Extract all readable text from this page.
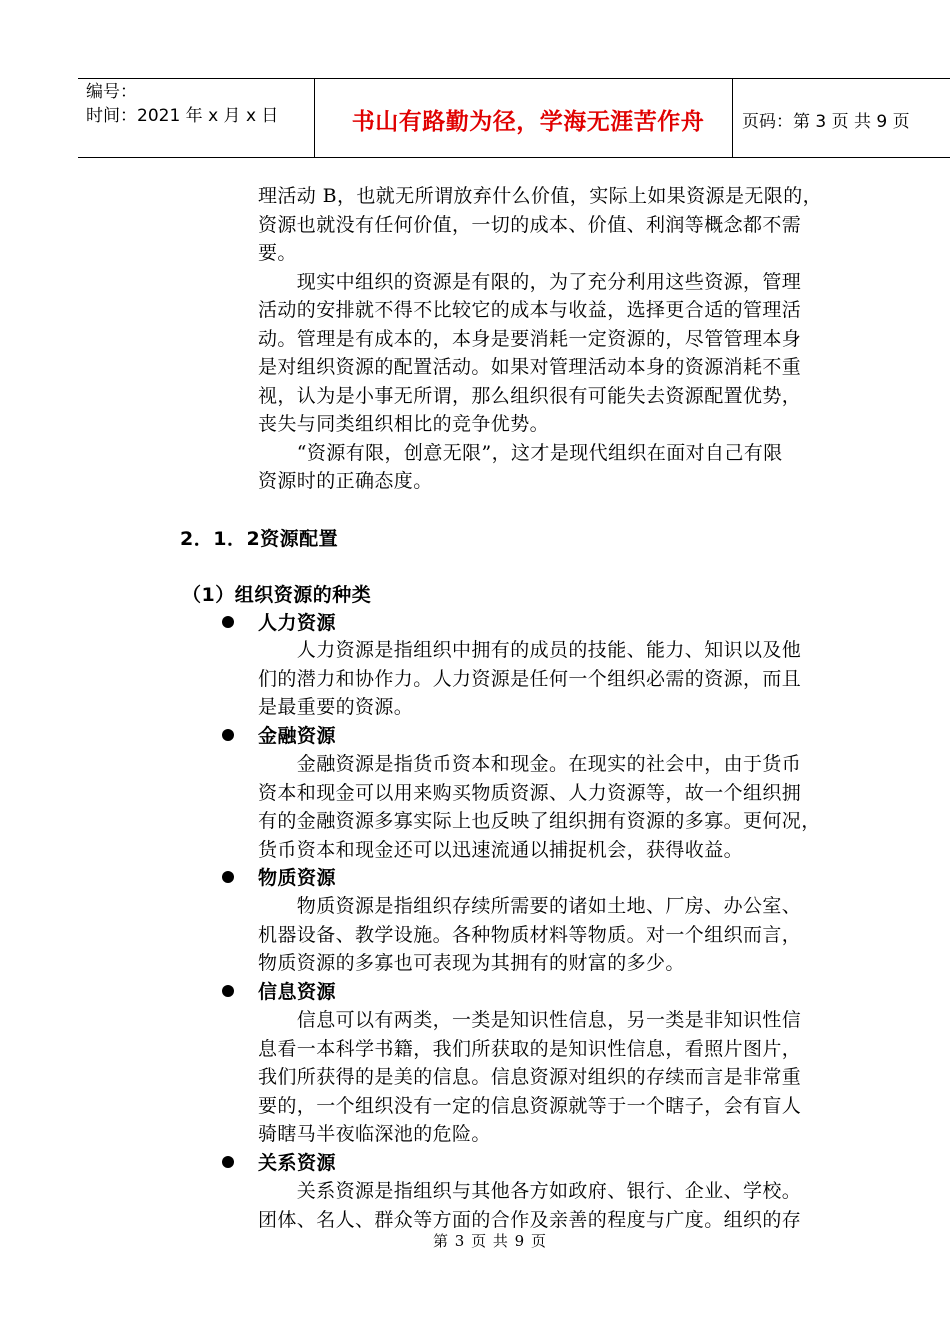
编号：
时间：2021 年 x 月 x 日	书山有路勤为径，学海无涯苦作舟	页码：第 3 页 共 9 页
理活动 B，也就无所谓放弃什么价值，实际上如果资源是无限的，
资源也就没有任何价值，一切的成本、价值、利润等概念都不需
要。
　　现实中组织的资源是有限的，为了充分利用这些资源，管理
活动的安排就不得不比较它的成本与收益，选择更合适的管理活
动。管理是有成本的，本身是要消耗一定资源的，尽管管理本身
是对组织资源的配置活动。如果对管理活动本身的资源消耗不重
视，认为是小事无所谓，那么组织很有可能失去资源配置优势，
丧失与同类组织相比的竞争优势。
　　“资源有限，创意无限”，这才是现代组织在面对自己有限
资源时的正确态度。
2．1．2资源配置
（1）组织资源的种类
人力资源
　　人力资源是指组织中拥有的成员的技能、能力、知识以及他
们的潜力和协作力。人力资源是任何一个组织必需的资源，而且
是最重要的资源。
金融资源
　　金融资源是指货币资本和现金。在现实的社会中，由于货币
资本和现金可以用来购买物质资源、人力资源等，故一个组织拥
有的金融资源多寡实际上也反映了组织拥有资源的多寡。更何况，
货币资本和现金还可以迅速流通以捕捉机会，获得收益。
物质资源
　　物质资源是指组织存续所需要的诸如土地、厂房、办公室、
机器设备、教学设施。各种物质材料等物质。对一个组织而言，
物质资源的多寡也可表现为其拥有的财富的多少。
信息资源
　　信息可以有两类，一类是知识性信息，另一类是非知识性信
息看一本科学书籍，我们所获取的是知识性信息，看照片图片，
我们所获得的是美的信息。信息资源对组织的存续而言是非常重
要的，一个组织没有一定的信息资源就等于一个瞎子，会有盲人
骑瞎马半夜临深池的危险。
关系资源
　　关系资源是指组织与其他各方如政府、银行、企业、学校。
团体、名人、群众等方面的合作及亲善的程度与广度。组织的存
第 3 页 共 9 页
